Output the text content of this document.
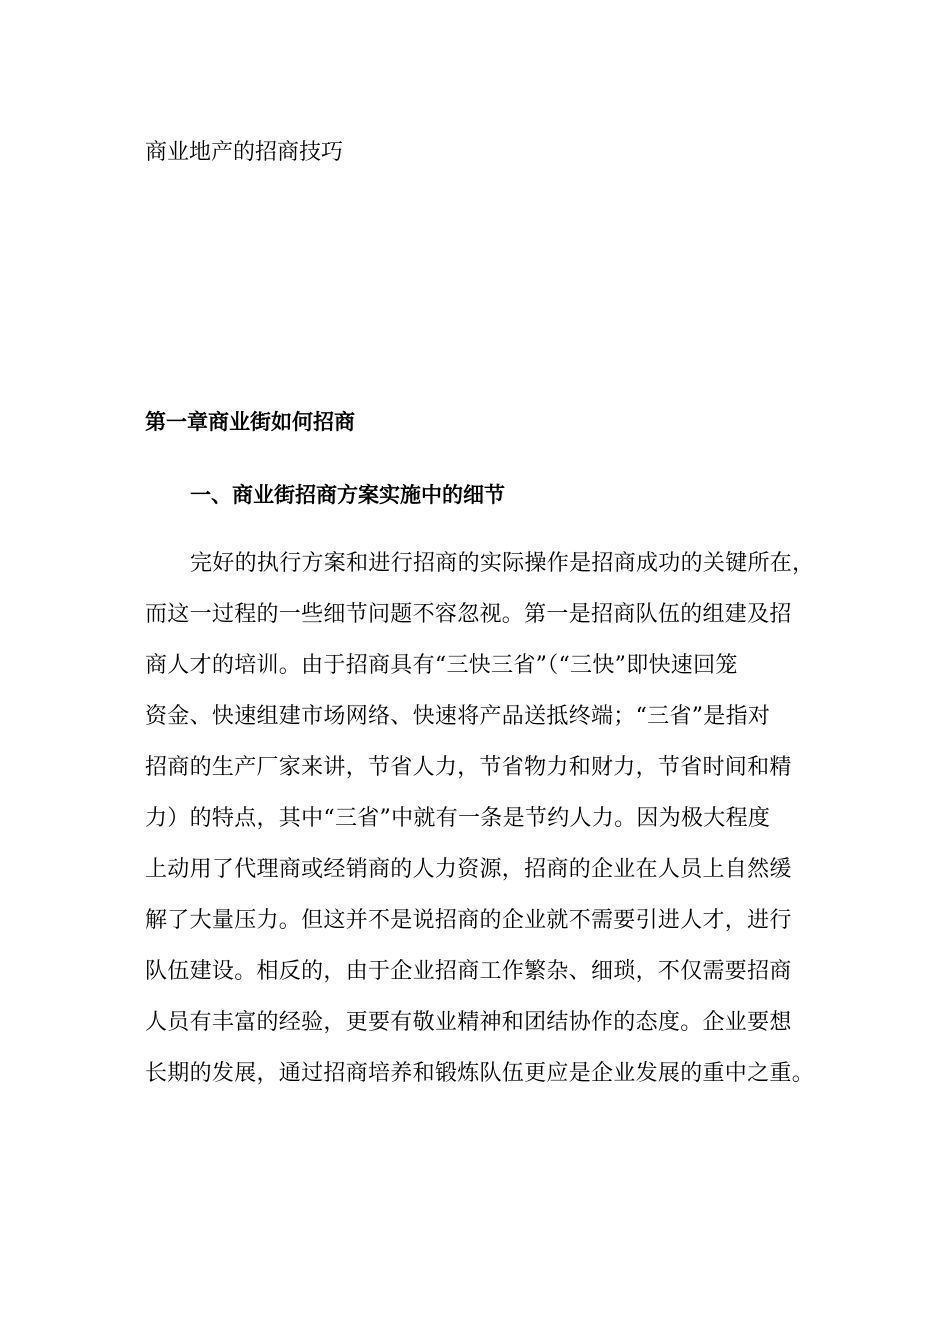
商业地产的招商技巧
第一章商业街如何招商
一、商业街招商方案实施中的细节
完好的执行方案和进行招商的实际操作是招商成功的关键所在，
而这一过程的一些细节问题不容忽视。第一是招商队伍的组建及招
商人才的培训。由于招商具有“三快三省”（“三快”即快速回笼
资金、快速组建市场网络、快速将产品送抵终端；“三省”是指对
招商的生产厂家来讲，节省人力，节省物力和财力，节省时间和精
力）的特点，其中“三省”中就有一条是节约人力。因为极大程度
上动用了代理商或经销商的人力资源，招商的企业在人员上自然缓
解了大量压力。但这并不是说招商的企业就不需要引进人才，进行
队伍建设。相反的，由于企业招商工作繁杂、细琐，不仅需要招商
人员有丰富的经验，更要有敬业精神和团结协作的态度。企业要想
长期的发展，通过招商培养和锻炼队伍更应是企业发展的重中之重。
